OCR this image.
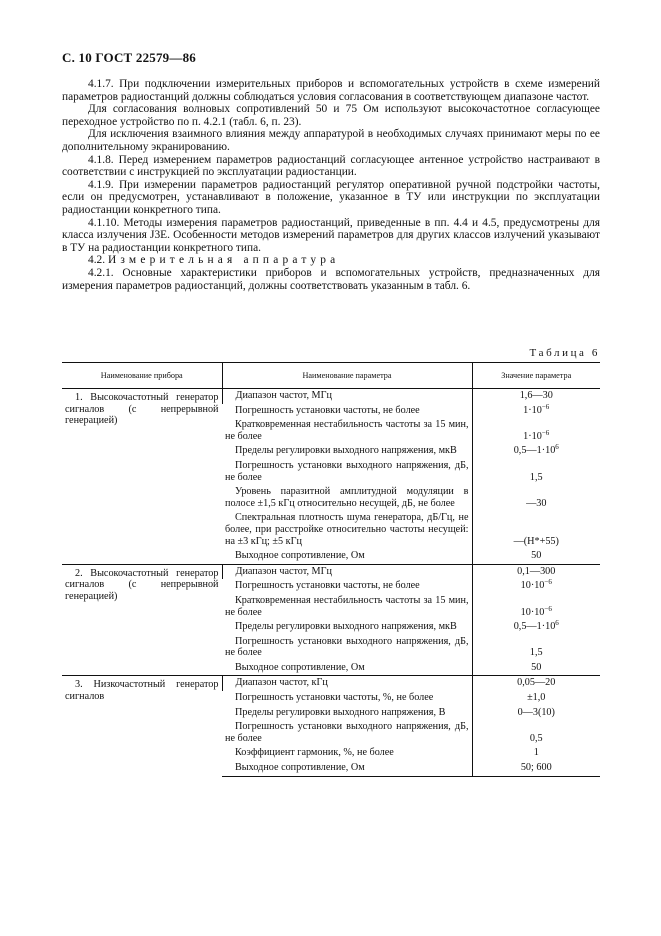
С. 10 ГОСТ 22579—86

4.1.7. При подключении измерительных приборов и вспомогательных устройств в схеме измерений параметров радиостанций должны соблюдаться условия согласования в соответствующем диапазоне частот.

Для согласования волновых сопротивлений 50 и 75 Ом используют высокочастотное согласующее переходное устройство по п. 4.2.1 (табл. 6, п. 23).

Для исключения взаимного влияния между аппаратурой в необходимых случаях принимают меры по ее дополнительному экранированию.

4.1.8. Перед измерением параметров радиостанций согласующее антенное устройство настраивают в соответствии с инструкцией по эксплуатации радиостанции.

4.1.9. При измерении параметров радиостанций регулятор оперативной ручной подстройки частоты, если он предусмотрен, устанавливают в положение, указанное в ТУ или инструкции по эксплуатации радиостанции конкретного типа.

4.1.10. Методы измерения параметров радиостанций, приведенные в пп. 4.4 и 4.5, предусмотрены для класса излучения J3E. Особенности методов измерений параметров для других классов излучений указывают в ТУ на радиостанции конкретного типа.

4.2. Измерительная аппаратура

4.2.1. Основные характеристики приборов и вспомогательных устройств, предназначенных для измерения параметров радиостанций, должны соответствовать указанным в табл. 6.

Таблица 6
Наименование прибора	Наименование параметра	Значение параметра
1. Высокочастотный генератор сигналов (с непрерывной генерацией)	Диапазон частот, МГц	1,6—30
	Погрешность установки частоты, не более	$1\cdot 10^{-6}$
	Кратковременная нестабильность частоты за 15 мин, не более	$1\cdot 10^{-6}$
	Пределы регулировки выходного напряжения, мкВ	$0,5—1\cdot 10^6$
	Погрешность установки выходного напряжения, дБ, не более	1,5
	Уровень паразитной амплитудной модуляции в полосе ±1,5 кГц относительно несущей, дБ, не более	—30
	Спектральная плотность шума генератора, дБ/Гц, не более, при расстройке относительно частоты несущей: на ±3 кГц; ±5 кГц	—(Н*+55)
	Выходное сопротивление, Ом	50
2. Высокочастотный генератор сигналов (с непрерывной генерацией)	Диапазон частот, МГц	0,1—300
	Погрешность установки частоты, не более	$10\cdot 10^{-6}$
	Кратковременная нестабильность частоты за 15 мин, не более	$10\cdot 10^{-6}$
	Пределы регулировки выходного напряжения, мкВ	$0,5—1\cdot 10^6$
	Погрешность установки выходного напряжения, дБ, не более	1,5
	Выходное сопротивление, Ом	50
3. Низкочастотный генератор сигналов	Диапазон частот, кГц	0,05—20
	Погрешность установки частоты, %, не более	±1,0
	Пределы регулировки выходного напряжения, В	0—3(10)
	Погрешность установки выходного напряжения, дБ, не более	0,5
	Коэффициент гармоник, %, не более	1
	Выходное сопротивление, Ом	50; 600
